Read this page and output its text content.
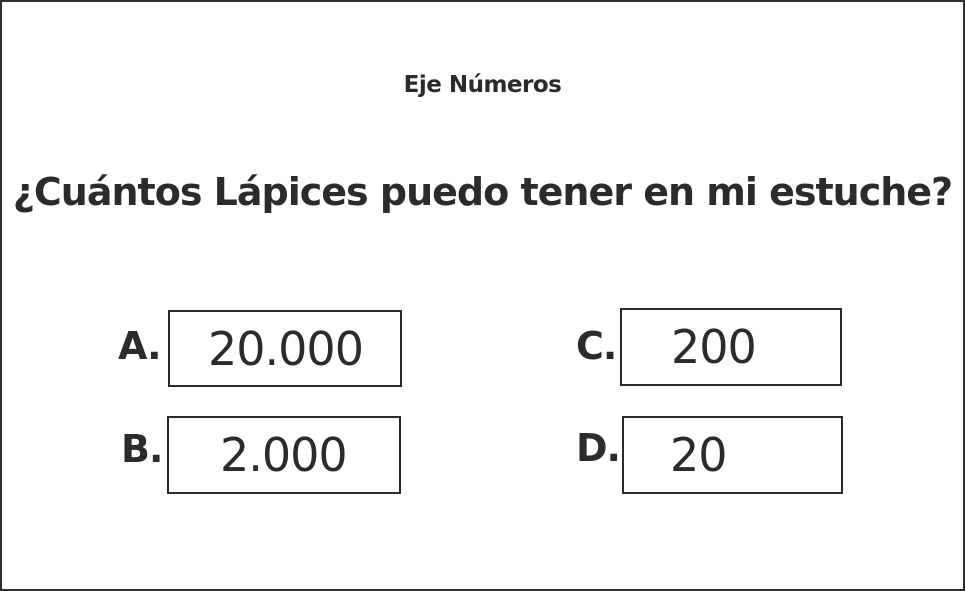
Eje Números
¿Cuántos Lápices puedo tener en mi estuche?
A. 20.000
B. 2.000
C. 200
D. 20
